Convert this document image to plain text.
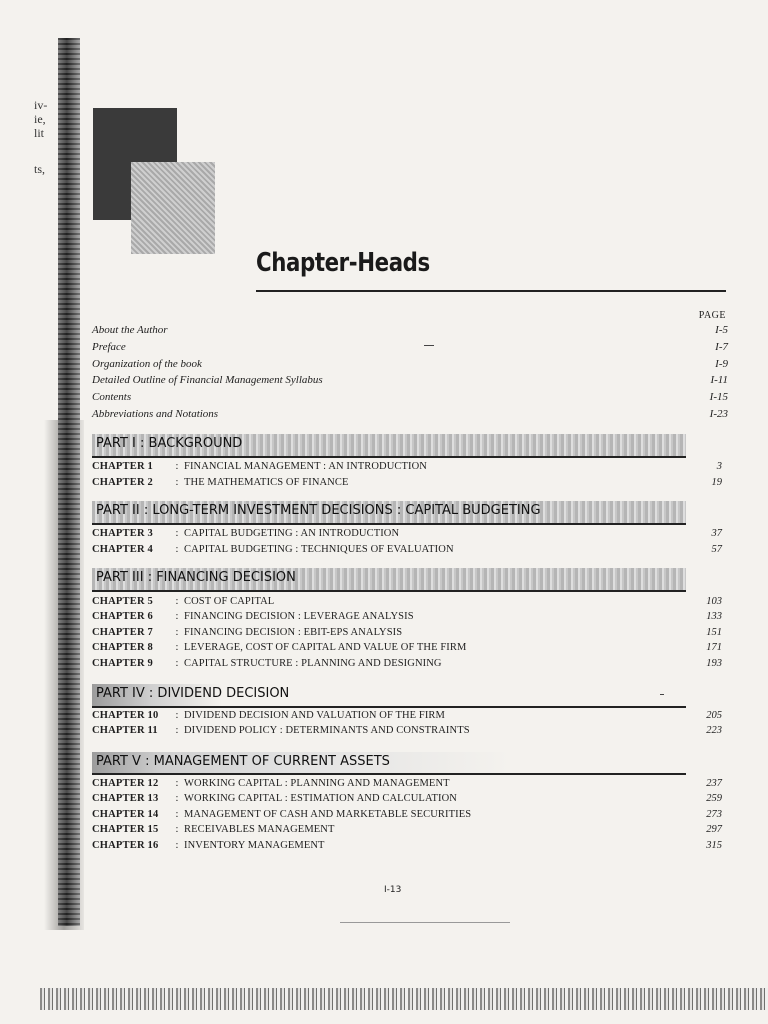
iv-
ie,
lit
ts,
Chapter-Heads
PAGE
About the Author	I-5
Preface	I-7
Organization of the book	I-9
Detailed Outline of Financial Management Syllabus	I-11
Contents	I-15
Abbreviations and Notations	I-23
PART I : BACKGROUND
CHAPTER 1	: FINANCIAL MANAGEMENT : AN INTRODUCTION	3
CHAPTER 2	: THE MATHEMATICS OF FINANCE	19
PART II : LONG-TERM INVESTMENT DECISIONS : CAPITAL BUDGETING
CHAPTER 3	: CAPITAL BUDGETING : AN INTRODUCTION	37
CHAPTER 4	: CAPITAL BUDGETING : TECHNIQUES OF EVALUATION	57
PART III : FINANCING DECISION
CHAPTER 5	: COST OF CAPITAL	103
CHAPTER 6	: FINANCING DECISION : LEVERAGE ANALYSIS	133
CHAPTER 7	: FINANCING DECISION : EBIT-EPS ANALYSIS	151
CHAPTER 8	: LEVERAGE, COST OF CAPITAL AND VALUE OF THE FIRM	171
CHAPTER 9	: CAPITAL STRUCTURE : PLANNING AND DESIGNING	193
PART IV : DIVIDEND DECISION
CHAPTER 10	: DIVIDEND DECISION AND VALUATION OF THE FIRM	205
CHAPTER 11	: DIVIDEND POLICY : DETERMINANTS AND CONSTRAINTS	223
PART V : MANAGEMENT OF CURRENT ASSETS
CHAPTER 12	: WORKING CAPITAL : PLANNING AND MANAGEMENT	237
CHAPTER 13	: WORKING CAPITAL : ESTIMATION AND CALCULATION	259
CHAPTER 14	: MANAGEMENT OF CASH AND MARKETABLE SECURITIES	273
CHAPTER 15	: RECEIVABLES MANAGEMENT	297
CHAPTER 16	: INVENTORY MANAGEMENT	315
I-13
